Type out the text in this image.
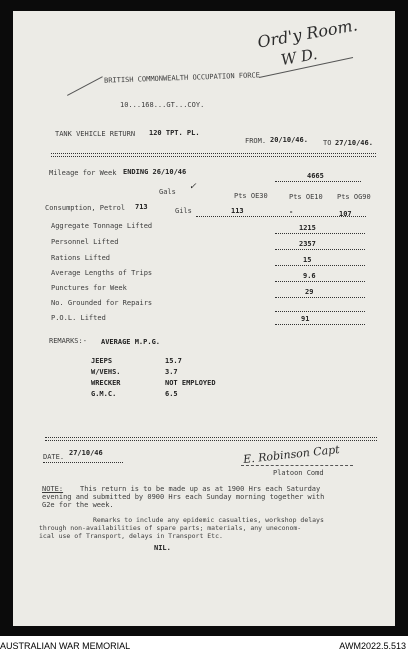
Ord'y Room.
W D.
BRITISH COMMONWEALTH OCCUPATION FORCE
10...168...GT...COY.
TANK VEHICLE RETURN 120 TPT. PL.
FROM. 20/10/46. TO 27/10/46.
Mileage for Week ENDING 26/10/46	4665
Gals ✓
Pts OE30	Pts OE10 Pts OG90
Consumption, Petrol 713	Gils	113	-	107
Aggregate Tonnage Lifted	1215
Personnel Lifted	2357
Rations Lifted	15
Average Lengths of Trips	9.6
Punctures for Week	29
No. Grounded for Repairs
P.O.L. Lifted	91
REMARKS:- AVERAGE M.P.G.
JEEPS	15.7
W/VEHS.	3.7
WRECKER	NOT EMPLOYED
G.M.C.	6.5
DATE. 27/10/46	E. Robinson Capt
Platoon Comd
NOTE: This return is to be made up as at 1900 Hrs each Saturday
evening and submitted by 0900 Hrs each Sunday morning together with
G2e for the week.
Remarks to include any epidemic casualties, workshop delays
through non-availabilities of spare parts; materials, any uneconom-
ical use of Transport, delays in Transport Etc.
NIL.
AUSTRALIAN WAR MEMORIAL	AWM2022.5.513
